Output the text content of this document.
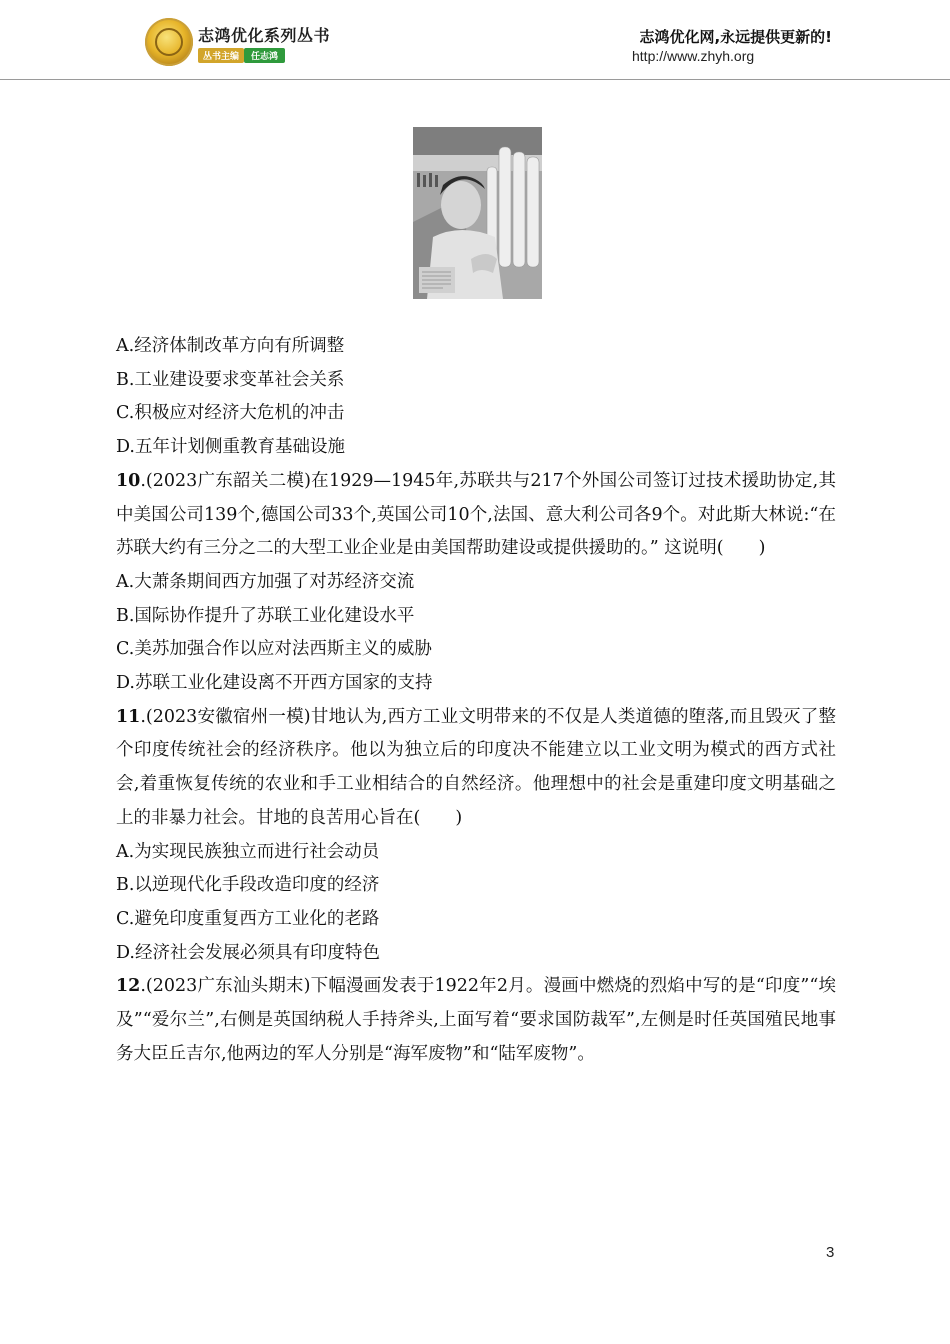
志鸿优化系列丛书
丛书主编	任志鸿
志鸿优化网,永远提供更新的!
http://www.zhyh.org
A.经济体制改革方向有所调整
B.工业建设要求变革社会关系
C.积极应对经济大危机的冲击
D.五年计划侧重教育基础设施
10.(2023广东韶关二模)在1929—1945年,苏联共与217个外国公司签订过技术援助协定,其中美国公司139个,德国公司33个,英国公司10个,法国、意大利公司各9个。对此斯大林说:“在苏联大约有三分之二的大型工业企业是由美国帮助建设或提供援助的。” 这说明(　　)
A.大萧条期间西方加强了对苏经济交流
B.国际协作提升了苏联工业化建设水平
C.美苏加强合作以应对法西斯主义的威胁
D.苏联工业化建设离不开西方国家的支持
11.(2023安徽宿州一模)甘地认为,西方工业文明带来的不仅是人类道德的堕落,而且毁灭了整个印度传统社会的经济秩序。他以为独立后的印度决不能建立以工业文明为模式的西方式社会,着重恢复传统的农业和手工业相结合的自然经济。他理想中的社会是重建印度文明基础之上的非暴力社会。甘地的良苦用心旨在(　　)
A.为实现民族独立而进行社会动员
B.以逆现代化手段改造印度的经济
C.避免印度重复西方工业化的老路
D.经济社会发展必须具有印度特色
12.(2023广东汕头期末)下幅漫画发表于1922年2月。漫画中燃烧的烈焰中写的是“印度”“埃及”“爱尔兰”,右侧是英国纳税人手持斧头,上面写着“要求国防裁军”,左侧是时任英国殖民地事务大臣丘吉尔,他两边的军人分别是“海军废物”和“陆军废物”。
3
